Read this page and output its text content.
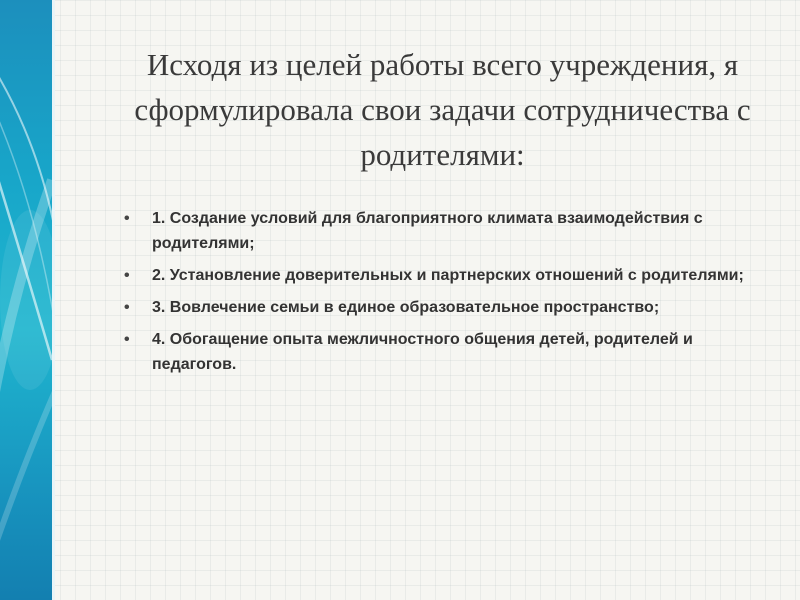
Исходя из целей работы всего учреждения, я
сформулировала свои задачи сотрудничества с
родителями:
• 1. Создание условий для благоприятного климата взаимодействия с родителями;
• 2. Установление доверительных и партнерских отношений с родителями;
• 3. Вовлечение семьи в единое образовательное пространство;
• 4. Обогащение опыта межличностного общения детей, родителей и педагогов.
